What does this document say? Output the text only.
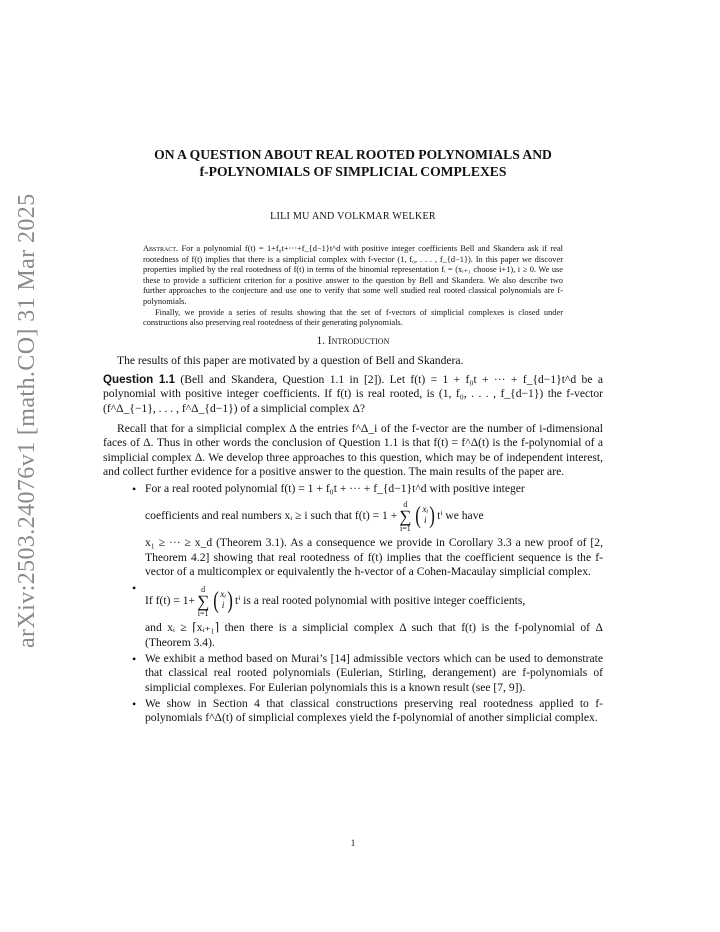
arXiv:2503.24076v1 [math.CO] 31 Mar 2025
ON A QUESTION ABOUT REAL ROOTED POLYNOMIALS AND
f-POLYNOMIALS OF SIMPLICIAL COMPLEXES
LILI MU AND VOLKMAR WELKER

Abstract. For a polynomial f(t) = 1+f₀t+···+f_{d−1}t^d with positive integer coefficients Bell and Skandera ask if real rootedness of f(t) implies that there is a simplicial complex with f-vector (1, f₀, . . . , f_{d−1}). In this paper we discover properties implied by the real rootedness of f(t) in terms of the binomial representation fᵢ = (xᵢ₊₁ choose i+1), i ≥ 0. We use these to provide a sufficient criterion for a positive answer to the question by Bell and Skandera. We also describe two further approaches to the conjecture and use one to verify that some well studied real rooted classical polynomials are f-polynomials.

Finally, we provide a series of results showing that the set of f-vectors of simplicial complexes is closed under constructions also preserving real rootedness of their generating polynomials.

1. Introduction

The results of this paper are motivated by a question of Bell and Skandera.

Question 1.1 (Bell and Skandera, Question 1.1 in [2]). Let f(t) = 1 + f₀t + ··· + f_{d−1}t^d be a polynomial with positive integer coefficients. If f(t) is real rooted, is (1, f₀, . . . , f_{d−1}) the f-vector (f^Δ_{−1}, . . . , f^Δ_{d−1}) of a simplicial complex Δ?

Recall that for a simplicial complex Δ the entries f^Δ_i of the f-vector are the number of i-dimensional faces of Δ. Thus in other words the conclusion of Question 1.1 is that f(t) = f^Δ(t) is the f-polynomial of a simplicial complex Δ. We develop three approaches to this question, which may be of independent interest, and collect further evidence for a positive answer to the question. The main results of the paper are.

• For a real rooted polynomial f(t) = 1 + f₀t + ··· + f_{d−1}t^d with positive integer
coefficients and real numbers xᵢ ≥ i such that f(t) = 1 +
d
∑
i=1 ( xᵢ
i ) tⁱ we have
x₁ ≥ ··· ≥ x_d (Theorem 3.1). As a consequence we provide in Corollary 3.3 a new proof of [2, Theorem 4.2] showing that real rootedness of f(t) implies that the coefficient sequence is the f-vector of a multicomplex or equivalently the h-vector of a Cohen-Macaulay simplicial complex.
• If f(t) = 1+
d
∑
i=1 ( xᵢ
i ) tⁱ is a real rooted polynomial with positive integer coefficients,
and xᵢ ≥ ⌈xᵢ₊₁⌉ then there is a simplicial complex Δ such that f(t) is the f-polynomial of Δ (Theorem 3.4).
• We exhibit a method based on Murai’s [14] admissible vectors which can be used to demonstrate that classical real rooted polynomials (Eulerian, Stirling, derangement) are f-polynomials of simplicial complexes. For Eulerian polynomials this is a known result (see [7, 9]).
• We show in Section 4 that classical constructions preserving real rootedness applied to f-polynomials f^Δ(t) of simplicial complexes yield the f-polynomial of another simplicial complex.
1
